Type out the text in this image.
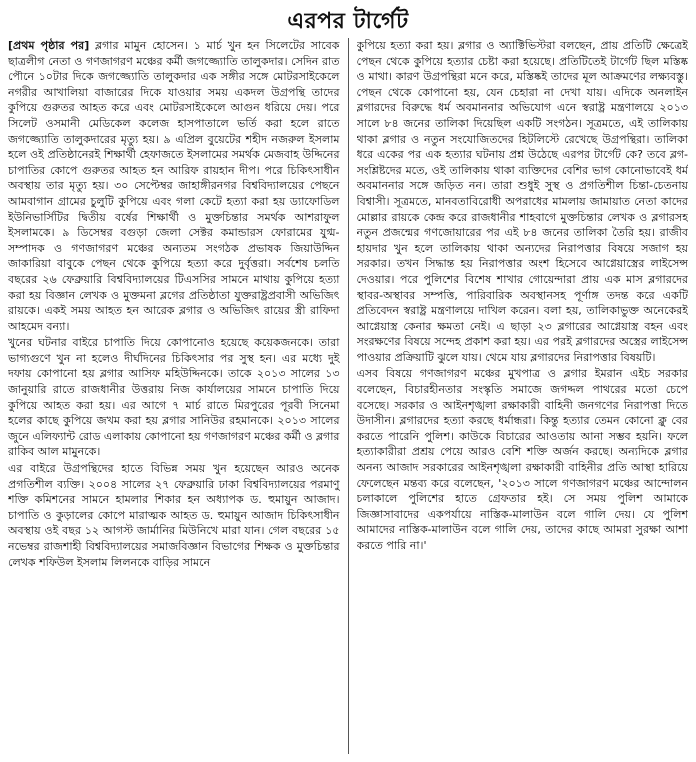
এরপর টার্গেট

[প্রথম পৃষ্ঠার পর] ব্লগার মামুন হোসেন। ১ মার্চ খুন হন সিলেটের সাবেক ছাত্রলীগ নেতা ও গণজাগরণ মঞ্চের কর্মী জগজ্জ্যোতি তালুকদার। সেদিন রাত পৌনে ১০টার দিকে জগজ্জ্যোতি তালুকদার এক সঙ্গীর সঙ্গে মোটরসাইকেলে নগরীর আখালিয়া বাজারের দিকে যাওয়ার সময় একদল উগ্রপন্থি তাদের কুপিয়ে গুরুতর আহত করে এবং মোটরসাইকেলে আগুন ধরিয়ে দেয়। পরে সিলেট ওসমানী মেডিকেল কলেজ হাসপাতালে ভর্তি করা হলে রাতে জগজ্জ্যোতি তালুকদারের মৃত্যু হয়। ৯ এপ্রিল বুয়েটের শহীদ নজরুল ইসলাম হলে ওই প্রতিষ্ঠানেরই শিক্ষার্থী হেফাজতে ইসলামের সমর্থক মেজবাহ উদ্দিনের চাপাতির কোপে গুরুতর আহত হন আরিফ রায়হান দীপ। পরে চিকিৎসাধীন অবস্থায় তার মৃত্যু হয়। ৩০ সেপ্টেম্বর জাহাঙ্গীরনগর বিশ্ববিদ্যালয়ের পেছনে আমবাগান গ্রামের চুলুটি কুপিয়ে এবং গলা কেটে হত্যা করা হয় ড্যাফোডিল ইউনিভার্সিটির দ্বিতীয় বর্ষের শিক্ষার্থী ও মুক্তচিন্তার সমর্থক আশরাফুল ইসলামকে। ৯ ডিসেম্বর বগুড়া জেলা সেক্টর কমান্ডারস ফোরামের যুগ্ম-সম্পাদক ও গণজাগরণ মঞ্চের অন্যতম সংগঠক প্রভাষক জিয়াউদ্দিন জাকারিয়া বাবুকে পেছন থেকে কুপিয়ে হত্যা করে দুর্বৃত্তরা। সর্বশেষ চলতি বছরের ২৬ ফেব্রুয়ারি বিশ্ববিদ্যালয়ের টিএসসির সামনে মাথায় কুপিয়ে হত্যা করা হয় বিজ্ঞান লেখক ও মুক্তমনা ব্লগের প্রতিষ্ঠাতা যুক্তরাষ্ট্রপ্রবাসী অভিজিৎ রায়কে। একই সময় আহত হন আরেক ব্লগার ও অভিজিৎ রায়ের স্ত্রী রাফিদা আহমেদ বন্যা।

খুনের ঘটনার বাইরে চাপাতি দিয়ে কোপানোও হয়েছে কয়েকজনকে। তারা ভাগ্যগুণে খুন না হলেও দীর্ঘদিনের চিকিৎসার পর সুস্থ হন। এর মধ্যে দুই দফায় কোপানো হয় ব্লগার আসিফ মহিউদ্দিনকে। তাকে ২০১৩ সালের ১৩ জানুয়ারি রাতে রাজধানীর উত্তরায় নিজ কার্যালয়ের সামনে চাপাতি দিয়ে কুপিয়ে আহত করা হয়। এর আগে ৭ মার্চ রাতে মিরপুরের পূরবী সিনেমা হলের কাছে কুপিয়ে জখম করা হয় ব্লগার সানিউর রহমানকে। ২০১৩ সালের জুনে এলিফ্যান্ট রোড এলাকায় কোপানো হয় গণজাগরণ মঞ্চের কর্মী ও ব্লগার রাকিব আল মামুনকে।

এর বাইরে উগ্রপন্থিদের হাতে বিভিন্ন সময় খুন হয়েছেন আরও অনেক প্রগতিশীল ব্যক্তি। ২০০৪ সালের ২৭ ফেব্রুয়ারি ঢাকা বিশ্ববিদ্যালয়ের পরমাণু শক্তি কমিশনের সামনে হামলার শিকার হন অধ্যাপক ড. হুমায়ুন আজাদ। চাপাতি ও কুড়ালের কোপে মারাত্মক আহত ড. হুমায়ুন আজাদ চিকিৎসাধীন অবস্থায় ওই বছর ১২ আগস্ট জার্মানির মিউনিখে মারা যান। গেল বছরের ১৫ নভেম্বর রাজশাহী বিশ্ববিদ্যালয়ের সমাজবিজ্ঞান বিভাগের শিক্ষক ও মুক্তচিন্তার লেখক শফিউল ইসলাম লিলনকে বাড়ির সামনে

কুপিয়ে হত্যা করা হয়। ব্লগার ও অ্যাক্টিভিস্টরা বলছেন, প্রায় প্রতিটি ক্ষেত্রেই পেছন থেকে কুপিয়ে হত্যার চেষ্টা করা হয়েছে। প্রতিটিতেই টার্গেট ছিল মস্তিষ্ক ও মাথা। কারণ উগ্রপন্থিরা মনে করে, মস্তিষ্কই তাদের মূল আক্রমণের লক্ষ্যবস্তু। পেছন থেকে কোপানো হয়, যেন চেহারা না দেখা যায়। এদিকে অনলাইন ব্লগারদের বিরুদ্ধে ধর্ম অবমাননার অভিযোগ এনে স্বরাষ্ট্র মন্ত্রণালয়ে ২০১৩ সালে ৮৪ জনের তালিকা দিয়েছিল একটি সংগঠন। সূত্রমতে, এই তালিকায় থাকা ব্লগার ও নতুন সংযোজিতদের হিটলিস্টে রেখেছে উগ্রপন্থিরা। তালিকা ধরে একের পর এক হত্যার ঘটনায় প্রশ্ন উঠেছে এরপর টার্গেট কে? তবে ব্লগ-সংশ্লিষ্টদের মতে, ওই তালিকায় থাকা ব্যক্তিদের বেশির ভাগ কোনোভাবেই ধর্ম অবমাননার সঙ্গে জড়িত নন। তারা শুধুই সুস্থ ও প্রগতিশীল চিন্তা-চেতনায় বিশ্বাসী। সূত্রমতে, মানবতাবিরোধী অপরাধের মামলায় জামায়াত নেতা কাদের মোল্লার রায়কে কেন্দ্র করে রাজধানীর শাহবাগে মুক্তচিন্তার লেখক ও ব্লগারসহ নতুন প্রজন্মের গণজোয়ারের পর এই ৮৪ জনের তালিকা তৈরি হয়। রাজীব হায়দার খুন হলে তালিকায় থাকা অন্যদের নিরাপত্তার বিষয়ে সজাগ হয় সরকার। তখন সিদ্ধান্ত হয় নিরাপত্তার অংশ হিসেবে আগ্নেয়াস্ত্রের লাইসেন্স দেওয়ার। পরে পুলিশের বিশেষ শাখার গোয়েন্দারা প্রায় এক মাস ব্লগারদের স্থাবর-অস্থাবর সম্পত্তি, পারিবারিক অবস্থানসহ পূর্ণাঙ্গ তদন্ত করে একটি প্রতিবেদন স্বরাষ্ট্র মন্ত্রণালয়ে দাখিল করেন। বলা হয়, তালিকাভুক্ত অনেকেরই আগ্নেয়াস্ত্র কেনার ক্ষমতা নেই। এ ছাড়া ২৩ ব্লগারের আগ্নেয়াস্ত্র বহন এবং সংরক্ষণের বিষয়ে সন্দেহ প্রকাশ করা হয়। এর পরই ব্লগারদের অস্ত্রের লাইসেন্স পাওয়ার প্রক্রিয়াটি ঝুলে যায়। থেমে যায় ব্লগারদের নিরাপত্তার বিষয়টি।

এসব বিষয়ে গণজাগরণ মঞ্চের মুখপাত্র ও ব্লগার ইমরান এইচ সরকার বলেছেন, বিচারহীনতার সংস্কৃতি সমাজে জগদ্দল পাথরের মতো চেপে বসেছে। সরকার ও আইনশৃঙ্খলা রক্ষাকারী বাহিনী জনগণের নিরাপত্তা দিতে উদাসীন। ব্লগারদের হত্যা করছে ধর্মান্ধরা। কিন্তু হত্যার তেমন কোনো ক্লু বের করতে পারেনি পুলিশ। কাউকে বিচারের আওতায় আনা সম্ভব হয়নি। ফলে হত্যাকারীরা প্রশ্রয় পেয়ে আরও বেশি শক্তি অর্জন করছে। অন্যদিকে ব্লগার অনন্য আজাদ সরকারের আইনশৃঙ্খলা রক্ষাকারী বাহিনীর প্রতি আস্থা হারিয়ে ফেলেছেন মন্তব্য করে বলেছেন, '২০১৩ সালে গণজাগরণ মঞ্চের আন্দোলন চলাকালে পুলিশের হাতে গ্রেফতার হই। সে সময় পুলিশ আমাকে জিজ্ঞাসাবাদের একপর্যায়ে নাস্তিক-মালাউন বলে গালি দেয়। যে পুলিশ আমাদের নাস্তিক-মালাউন বলে গালি দেয়, তাদের কাছে আমরা সুরক্ষা আশা করতে পারি না।'
